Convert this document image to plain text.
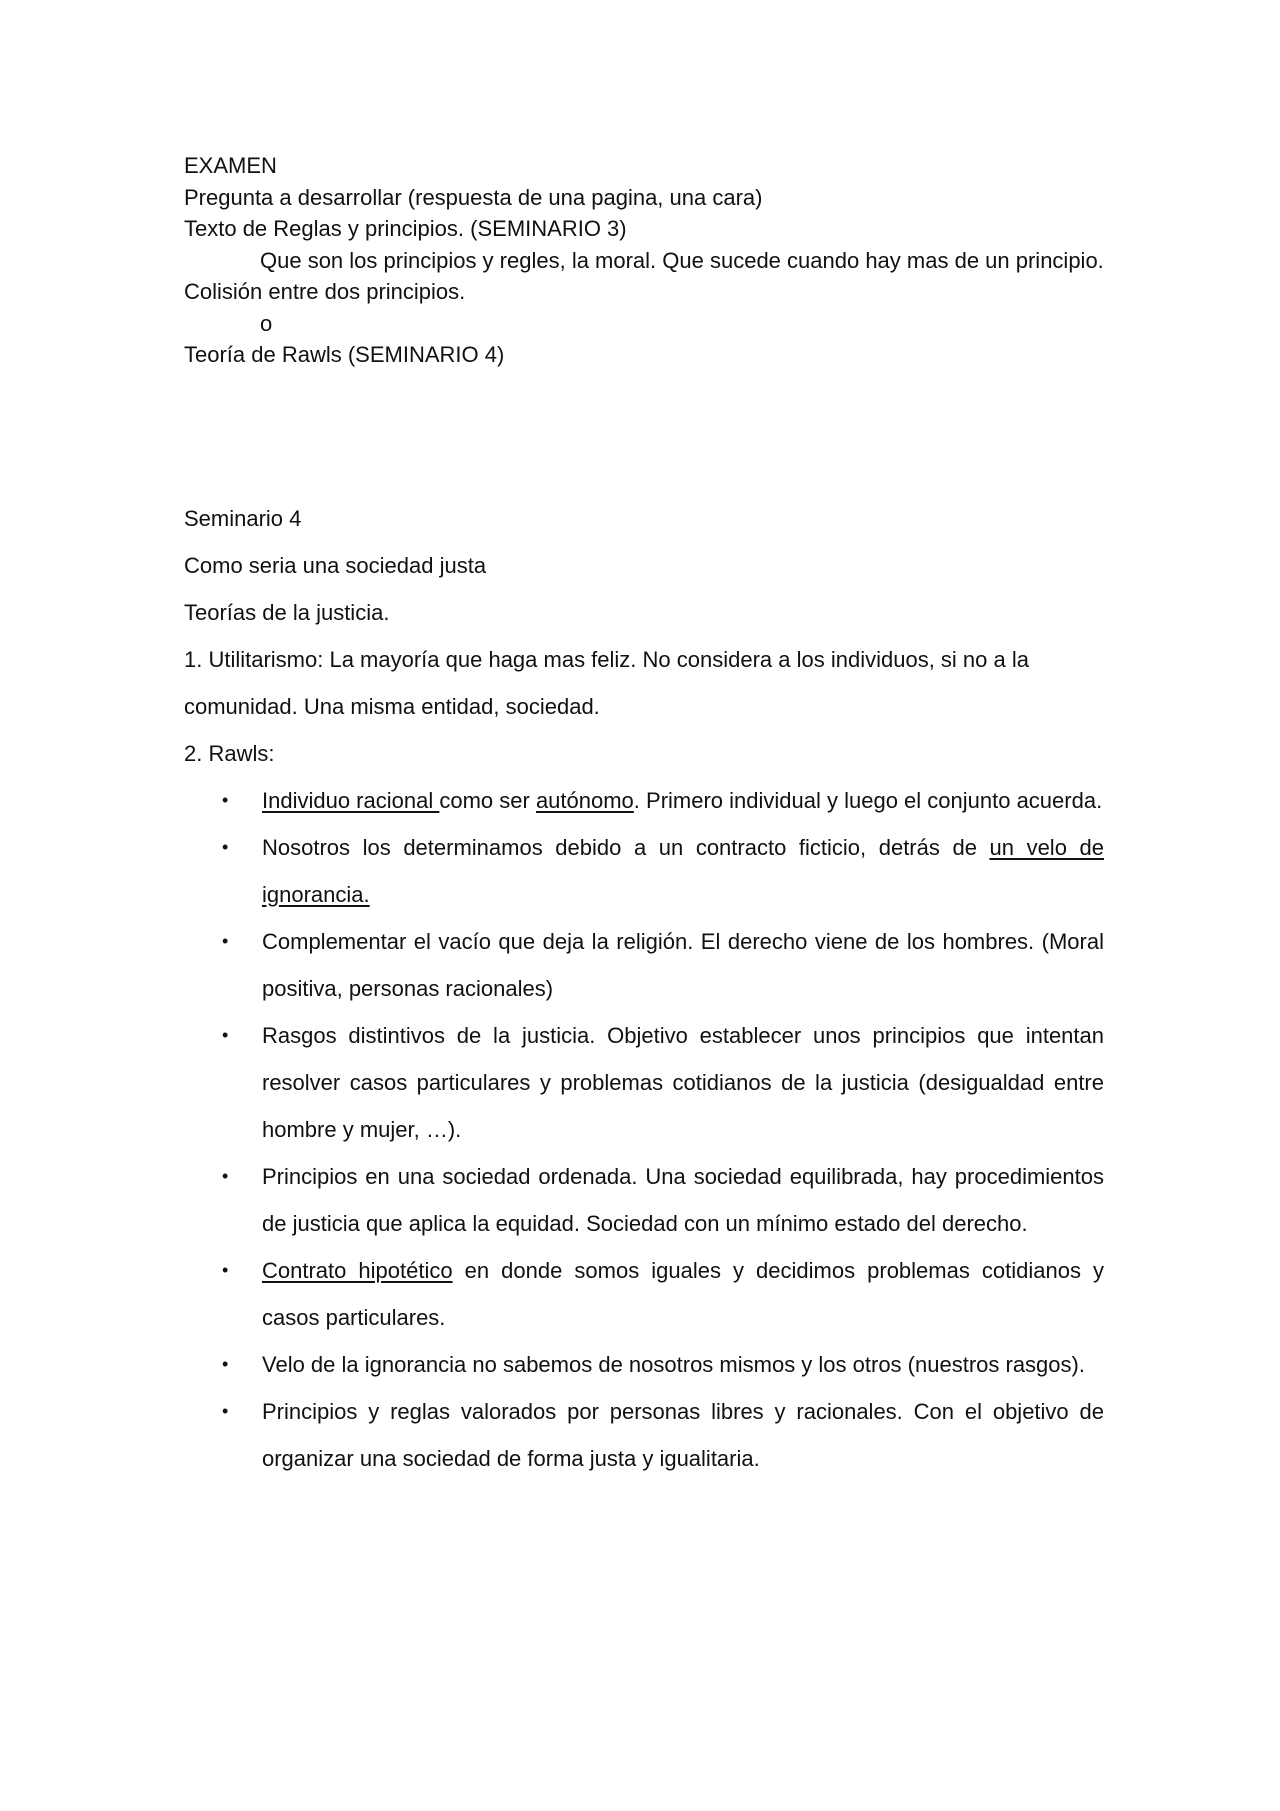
EXAMEN

Pregunta a desarrollar (respuesta de una pagina, una cara)

Texto de Reglas y principios. (SEMINARIO 3)

Que son los principios y regles, la moral. Que sucede cuando hay mas de un principio. Colisión entre dos principios.

o

Teoría de Rawls (SEMINARIO 4)

Seminario 4

Como seria una sociedad justa

Teorías de la justicia.

1. Utilitarismo: La mayoría que haga mas feliz. No considera a los individuos, si no a la comunidad. Una misma entidad, sociedad.

2. Rawls:

• Individuo racional como ser autónomo. Primero individual y luego el conjunto acuerda.
• Nosotros los determinamos debido a un contracto ficticio, detrás de un velo de ignorancia.
• Complementar el vacío que deja la religión. El derecho viene de los hombres. (Moral positiva, personas racionales)
• Rasgos distintivos de la justicia. Objetivo establecer unos principios que intentan resolver casos particulares y problemas cotidianos de la justicia (desigualdad entre hombre y mujer, …).
• Principios en una sociedad ordenada. Una sociedad equilibrada, hay procedimientos de justicia que aplica la equidad. Sociedad con un mínimo estado del derecho.
• Contrato hipotético en donde somos iguales y decidimos problemas cotidianos y casos particulares.
• Velo de la ignorancia no sabemos de nosotros mismos y los otros (nuestros rasgos).
• Principios y reglas valorados por personas libres y racionales. Con el objetivo de organizar una sociedad de forma justa y igualitaria.
